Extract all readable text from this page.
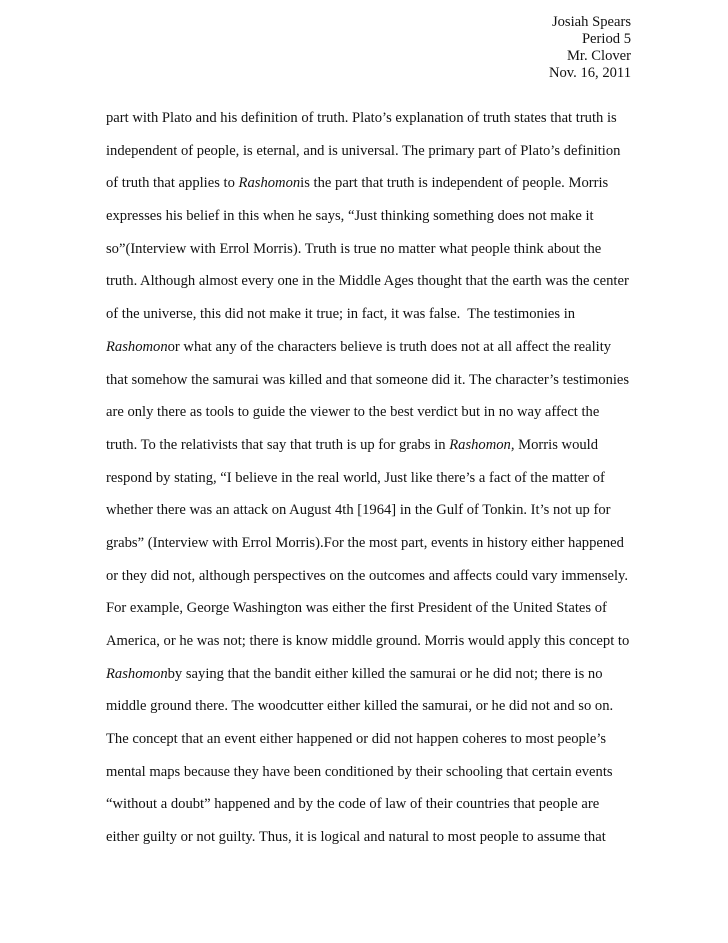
Josiah Spears
Period 5
Mr. Clover
Nov. 16, 2011
part with Plato and his definition of truth. Plato’s explanation of truth states that truth is
independent of people, is eternal, and is universal. The primary part of Plato’s definition
of truth that applies to Rashomonis the part that truth is independent of people. Morris
expresses his belief in this when he says, “Just thinking something does not make it
so”(Interview with Errol Morris). Truth is true no matter what people think about the
truth. Although almost every one in the Middle Ages thought that the earth was the center
of the universe, this did not make it true; in fact, it was false.  The testimonies in
Rashomonor what any of the characters believe is truth does not at all affect the reality
that somehow the samurai was killed and that someone did it. The character’s testimonies
are only there as tools to guide the viewer to the best verdict but in no way affect the
truth. To the relativists that say that truth is up for grabs in Rashomon, Morris would
respond by stating, “I believe in the real world, Just like there’s a fact of the matter of
whether there was an attack on August 4th [1964] in the Gulf of Tonkin. It’s not up for
grabs” (Interview with Errol Morris).For the most part, events in history either happened
or they did not, although perspectives on the outcomes and affects could vary immensely.
For example, George Washington was either the first President of the United States of
America, or he was not; there is know middle ground. Morris would apply this concept to
Rashomonby saying that the bandit either killed the samurai or he did not; there is no
middle ground there. The woodcutter either killed the samurai, or he did not and so on.
The concept that an event either happened or did not happen coheres to most people’s
mental maps because they have been conditioned by their schooling that certain events
“without a doubt” happened and by the code of law of their countries that people are
either guilty or not guilty. Thus, it is logical and natural to most people to assume that
